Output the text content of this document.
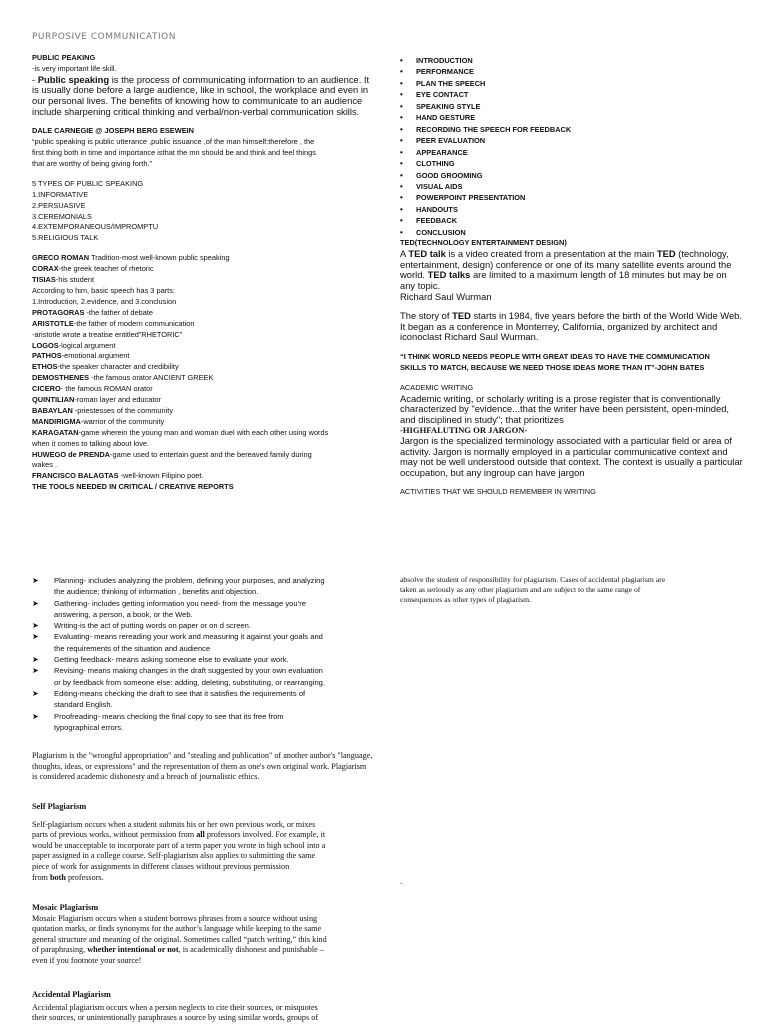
PURPOSIVE COMMUNICATION

PUBLIC PEAKING

-is very important life skill.

- Public speaking is the process of communicating information to an audience. It

is usually done before a large audience, like in school, the workplace and even in

our personal lives. The benefits of knowing how to communicate to an audience

include sharpening critical thinking and verbal/non-verbal communication skills.

DALE CARNEGIE @ JOSEPH BERG ESEWEIN

“public speaking is public utterance ,public issuance ,of the man himself:therefore , the

first thing both in time and importance isthat the mn should be and think and feel things

that are worthy of being giving forth.”

5 TYPES OF PUBLIC SPEAKING

1.INFORMATIVE

2.PERSUASIVE

3.CEREMONIALS

4.EXTEMPORANEOUS/IMPROMPTU

5.RELIGIOUS TALK

GRECO ROMAN Tradition-most well-known public speaking

CORAX-the greek teacher of rhetoric

TISIAS-his student

According to him, basic speech has 3 parts:

1.Introduction, 2.evidence, and 3.conclusion

PROTAGORAS -the father of debate

ARISTOTLE-the father of modern communication

-aristotle wrote a treatise entitled”RHETORIC”

LOGOS-logical argument

PATHOS-emotional argument

ETHOS-the speaker character and credibility

DEMOSTHENES -the famous orator ANCIENT GREEK

CICERO- the famous ROMAN orator

QUINTILIAN-roman layer and educator

BABAYLAN -priestesses of the community

MANDIRIGMA-warrior of the community

KARAGATAN-game wherein the young man and woman duel with each other using words

when it comes to talking about love.

HUWEGO de PRENDA-game used to entertain guest and the bereaved family during

wakes .

FRANCISCO BALAGTAS -well-known Filipino poet.

THE TOOLS NEEDED IN CRITICAL / CREATIVE REPORTS

• INTRODUCTION
• PERFORMANCE
• PLAN THE SPEECH
• EYE CONTACT
• SPEAKING STYLE
• HAND GESTURE
• RECORDING THE SPEECH FOR FEEDBACK
• PEER EVALUATION
• APPEARANCE
• CLOTHING
• GOOD GROOMING
• VISUAL AIDS
• POWERPOINT PRESENTATION
• HANDOUTS
• FEEDBACK
• CONCLUSION

TED(TECHNOLOGY ENTERTAINMENT DESIGN)

A TED talk is a video created from a presentation at the main TED (technology,

entertainment, design) conference or one of its many satellite events around the

world. TED talks are limited to a maximum length of 18 minutes but may be on

any topic.

Richard Saul Wurman

The story of TED starts in 1984, five years before the birth of the World Wide Web.

It began as a conference in Monterrey, California, organized by architect and

iconoclast Richard Saul Wurman.

“I THINK WORLD NEEDS PEOPLE WITH GREAT IDEAS TO HAVE THE COMMUNICATION

SKILLS TO MATCH, BECAUSE WE NEED THOSE IDEAS MORE THAN IT”-JOHN BATES

ACADEMIC WRITING

Academic writing, or scholarly writing is a prose register that is conventionally

characterized by "evidence...that the writer have been persistent, open-minded,

and disciplined in study"; that prioritizes

-HIGHFALUTING OR JARGON-

Jargon is the specialized terminology associated with a particular field or area of

activity. Jargon is normally employed in a particular communicative context and

may not be well understood outside that context. The context is usually a particular

occupation, but any ingroup can have jargon

ACTIVITIES THAT WE SHOULD REMEMBER IN WRITING

➤ Planning- includes analyzing the problem, defining your purposes, and analyzing
the audience; thinking of information , benefits and objection.
➤ Gathering- includes getting information you need- from the message you’re
answering, a person, a book, or the Web.
➤ Writing-is the act of putting words on paper or on d screen.
➤ Evaluating- means rereading your work and measuring it against your goals and
the requirements of the situation and audience
➤ Getting feedback- means asking someone else to evaluate your work.
➤ Revising- means making changes in the draft suggested by your own evaluation
or by feedback from someone else: adding, deleting, substituting, or rearranging.
➤ Editing-means checking the draft to see that it satisfies the requirements of
standard English.
➤ Proofreading- means checking the final copy to see that its free from
typographical errors.

Plagiarism is the "wrongful appropriation" and "stealing and publication" of another author's "language,

thoughts, ideas, or expressions" and the representation of them as one's own original work. Plagiarism

is considered academic dishonesty and a breach of journalistic ethics.

Self Plagiarism

Self-plagiarism occurs when a student submits his or her own previous work, or mixes

parts of previous works, without permission from all professors involved. For example, it

would be unacceptable to incorporate part of a term paper you wrote in high school into a

paper assigned in a college course. Self-plagiarism also applies to submitting the same

piece of work for assignments in different classes without previous permission

from both professors.

Mosaic Plagiarism

Mosaic Plagiarism occurs when a student borrows phrases from a source without using

quotation marks, or finds synonyms for the author’s language while keeping to the same

general structure and meaning of the original. Sometimes called “patch writing,” this kind

of paraphrasing, whether intentional or not, is academically dishonest and punishable –

even if you footnote your source!

Accidental Plagiarism

Accidental plagiarism occurs when a person neglects to cite their sources, or misquotes

their sources, or unintentionally paraphrases a source by using similar words, groups of

absolve the student of responsibility for plagiarism. Cases of accidental plagiarism are

taken as seriously as any other plagiarism and are subject to the same range of

consequences as other types of plagiarism.

.
